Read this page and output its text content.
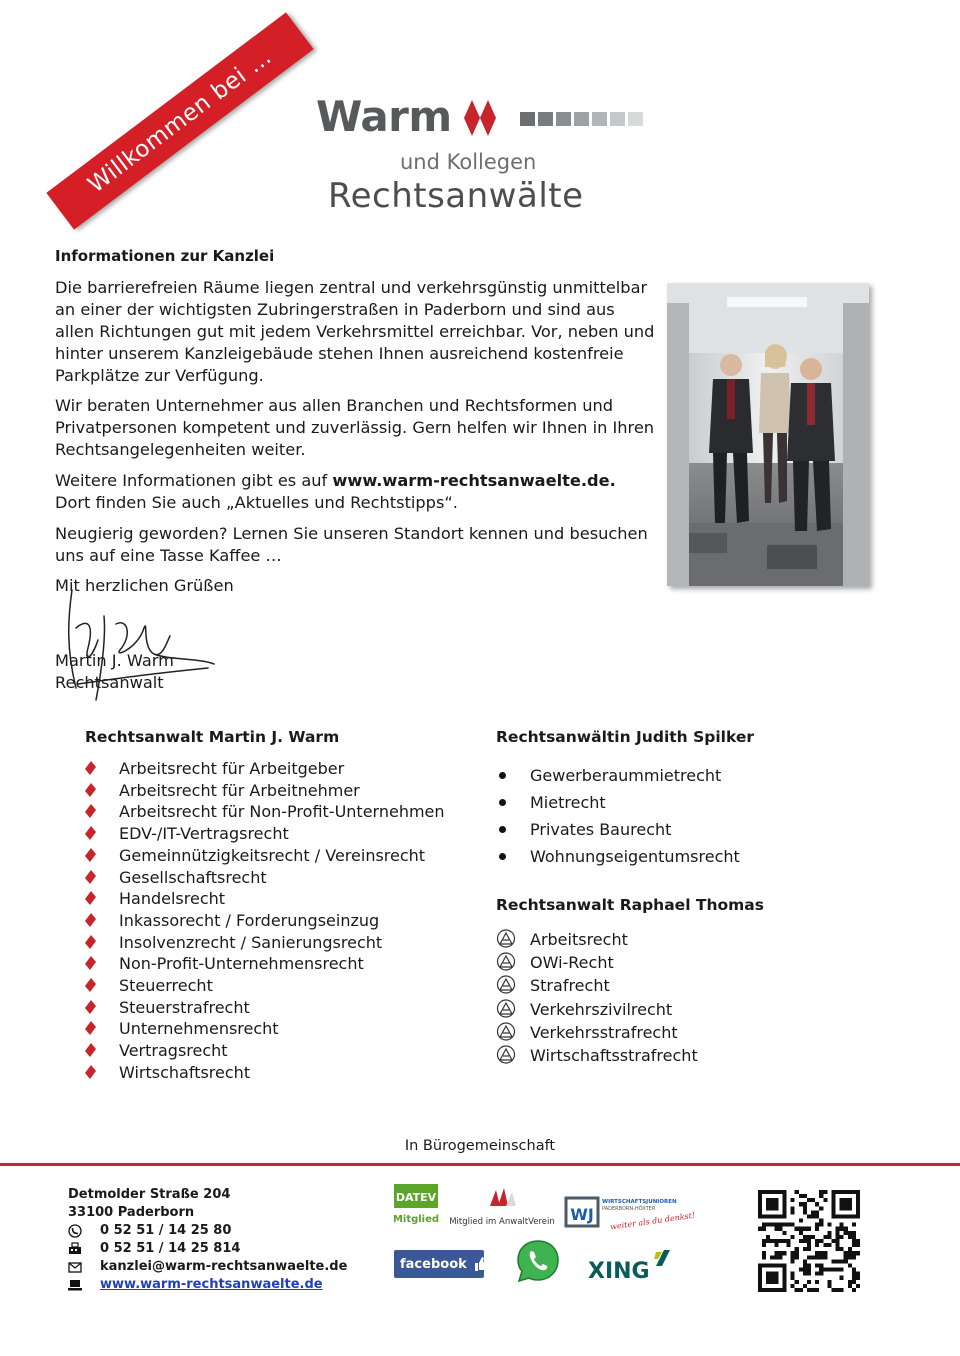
Willkommen bei … Warm
und Kollegen
Rechtsanwälte
Informationen zur Kanzlei

Die barrierefreien Räume liegen zentral und verkehrsgünstig unmittelbar an einer der wichtigsten Zubringerstraßen in Paderborn und sind aus allen Richtungen gut mit jedem Verkehrsmittel erreichbar. Vor, neben und hinter unserem Kanzleigebäude stehen Ihnen ausreichend kostenfreie Parkplätze zur Verfügung.

Wir beraten Unternehmer aus allen Branchen und Rechtsformen und Privatpersonen kompetent und zuverlässig. Gern helfen wir Ihnen in Ihren Rechtsangelegenheiten weiter.

Weitere Informationen gibt es auf www.warm-rechtsanwaelte.de.
Dort finden Sie auch „Aktuelles und Rechtstipps“.

Neugierig geworden? Lernen Sie unseren Standort kennen und besuchen uns auf eine Tasse Kaffee …

Mit herzlichen Grüßen
Martin J. Warm
Rechtsanwalt
Rechtsanwalt Martin J. Warm
Arbeitsrecht für Arbeitgeber
Arbeitsrecht für Arbeitnehmer
Arbeitsrecht für Non-Profit-Unternehmen
EDV-/IT-Vertragsrecht
Gemeinnützigkeitsrecht / Vereinsrecht
Gesellschaftsrecht
Handelsrecht
Inkassorecht / Forderungseinzug
Insolvenzrecht / Sanierungsrecht
Non-Profit-Unternehmensrecht
Steuerrecht
Steuerstrafrecht
Unternehmensrecht
Vertragsrecht
Wirtschaftsrecht
Rechtsanwältin Judith Spilker
Gewerberaummietrecht
Mietrecht
Privates Baurecht
Wohnungseigentumsrecht
Rechtsanwalt Raphael Thomas
Arbeitsrecht
OWi-Recht
Strafrecht
Verkehrszivilrecht
Verkehrsstrafrecht
Wirtschaftsstrafrecht
In Bürogemeinschaft
Detmolder Straße 204
33100 Paderborn
0 52 51 / 14 25 80
0 52 51 / 14 25 814
kanzlei@warm-rechtsanwaelte.de
www.warm-rechtsanwaelte.de
DATEV
Mitglied Mitglied im AnwaltVerein WJ
WIRTSCHAFTSJUNIOREN
PADERBORN-HÖXTER
weiter als du denkst!
facebook	XING
